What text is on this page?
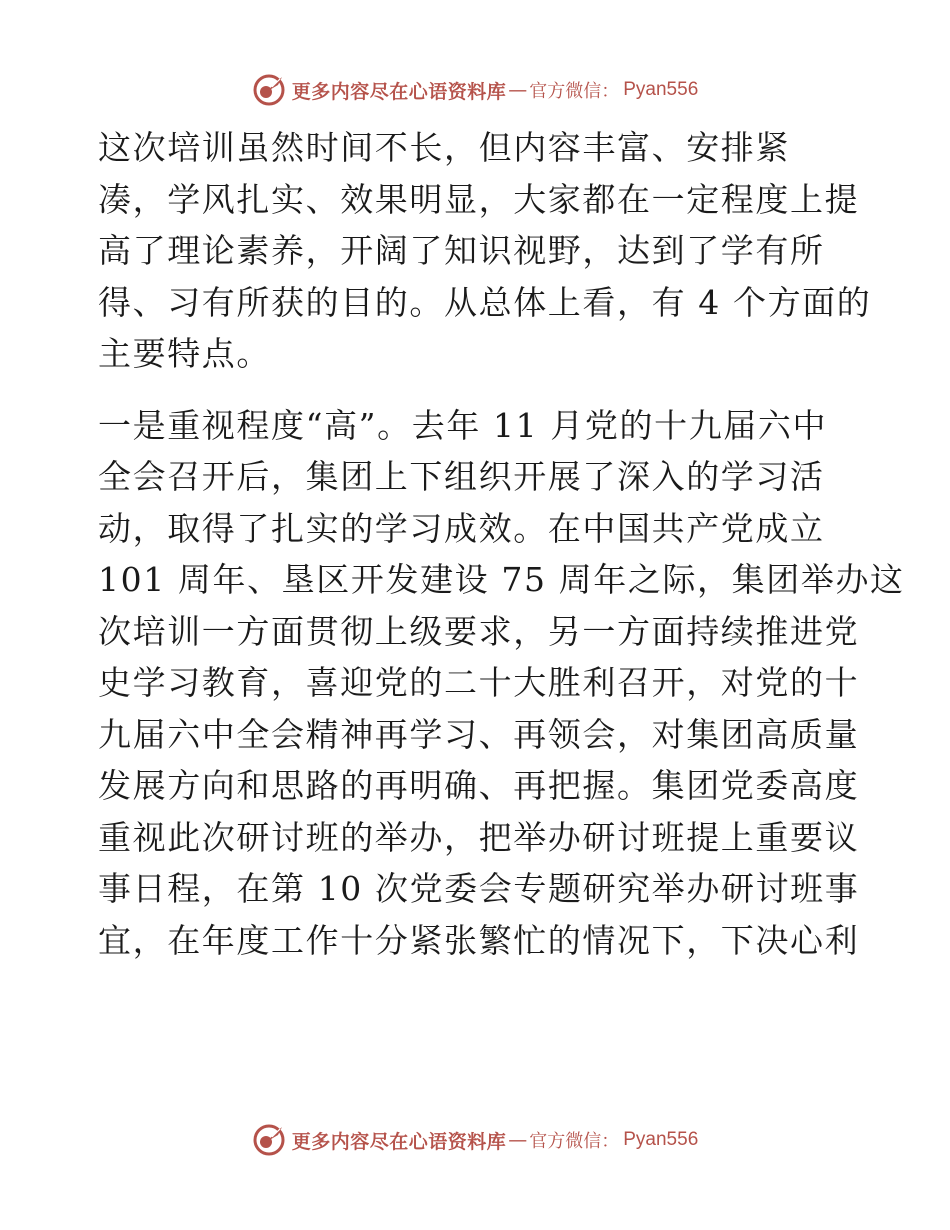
更多内容尽在心语资料库 — 官方微信： Pyan556
这次培训虽然时间不长，但内容丰富、安排紧
凑，学风扎实、效果明显，大家都在一定程度上提
高了理论素养，开阔了知识视野，达到了学有所
得、习有所获的目的。从总体上看，有 4 个方面的
主要特点。
一是重视程度“高”。去年 11 月党的十九届六中
全会召开后，集团上下组织开展了深入的学习活
动，取得了扎实的学习成效。在中国共产党成立
101 周年、垦区开发建设 75 周年之际，集团举办这
次培训一方面贯彻上级要求，另一方面持续推进党
史学习教育，喜迎党的二十大胜利召开，对党的十
九届六中全会精神再学习、再领会，对集团高质量
发展方向和思路的再明确、再把握。集团党委高度
重视此次研讨班的举办，把举办研讨班提上重要议
事日程，在第 10 次党委会专题研究举办研讨班事
宜，在年度工作十分紧张繁忙的情况下，下决心利
更多内容尽在心语资料库 — 官方微信： Pyan556
